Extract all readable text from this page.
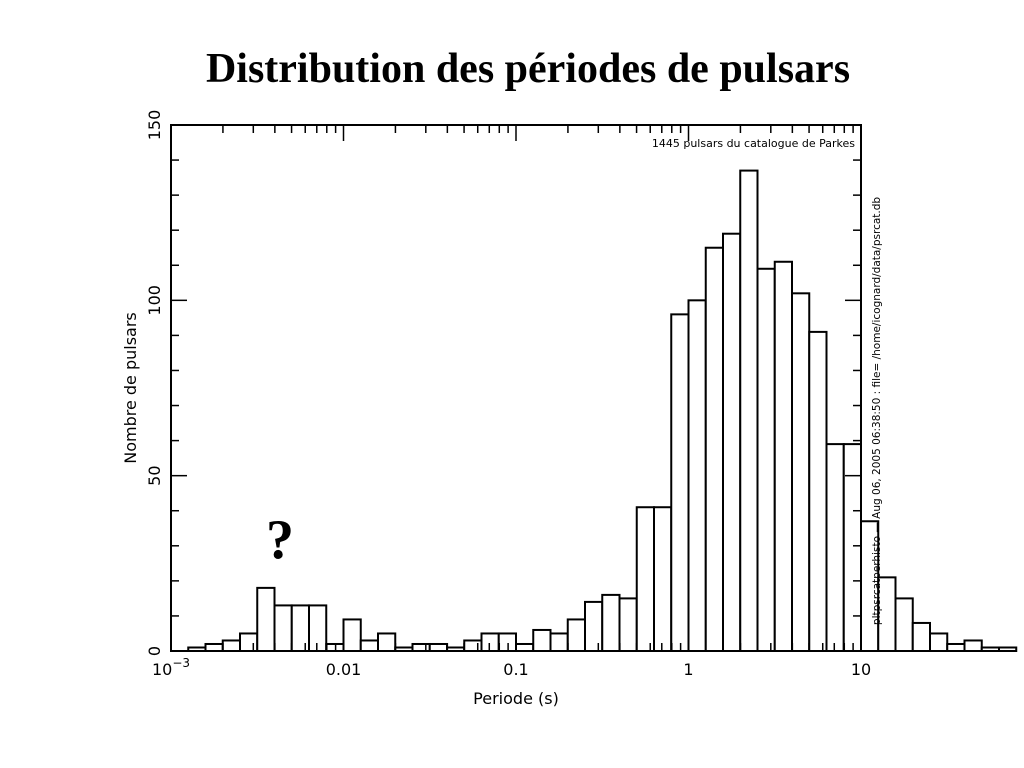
Distribution des périodes de pulsars
$10^{-3}$	0.01	0.1	1	10
0
50
100
150
1445 pulsars du catalogue de Parkes
?
Periode (s)
Nombre de pulsars	pltpsrcatperhisto — Aug 06, 2005 06:38:50 : file= /home/icognard/data/psrcat.db
